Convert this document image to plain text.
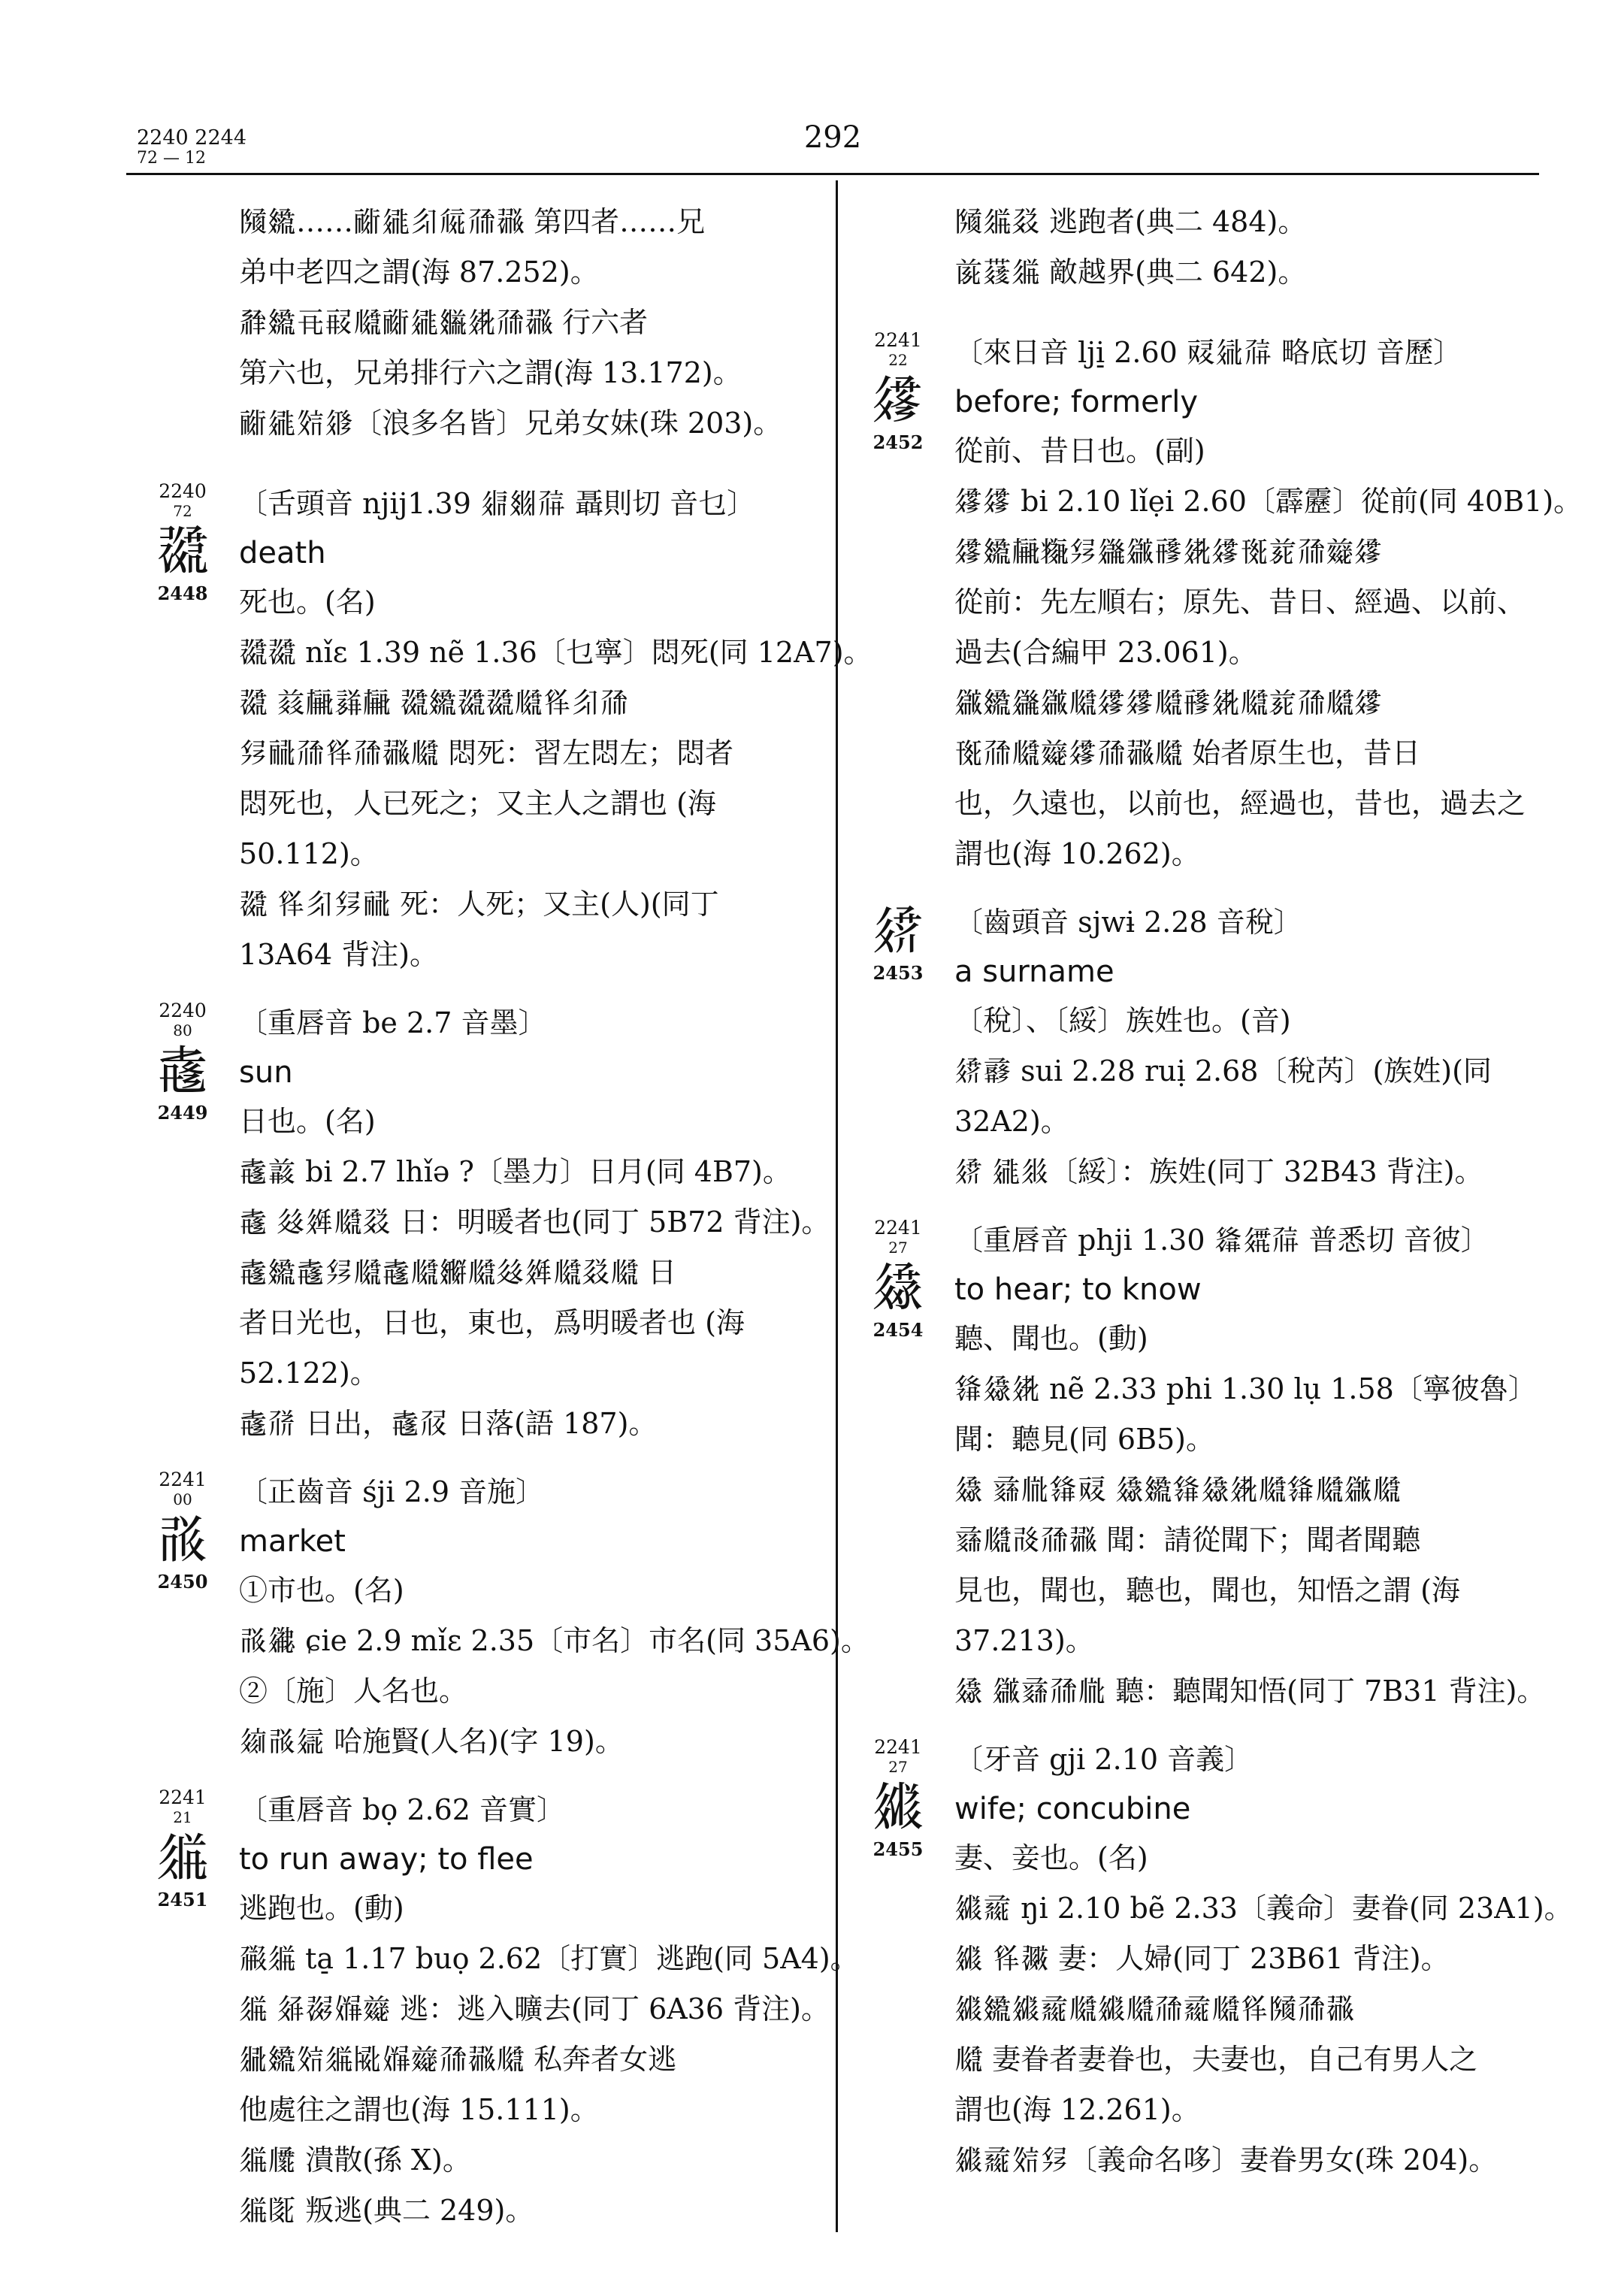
2240 2244
72 — 12
292
𗂧𗿷……𗠁𗧓𗼃𗏁𗗙𗖻 第四者……兄
弟中老四之謂(海 87.252)。
𗴂𗿷𗸕𗷹𗆮𗠁𗧓𗿳𗣈𗗙𗖻 行六者
第六也，兄弟排行六之謂(海 13.172)。
𗠁𗧓𗼻𗤁〔浪多名皆〕兄弟女妹(珠 203)。
2240
72
𗗆
2448
〔舌頭音 njij1.39 𗤋𗾞𗗚 聶則切 音乜〕
death
死也。(名)
𗗆𗗆 nǐɛ 1.39 nẽ 1.36〔乜寧〕悶死(同 12A7)。
𗗆 𗑠𗍳𗙼𗍳 𗗆𗿷𗗆𗗆𗆮𗃛𗼃𗗙
𗉻𗟻𗗙𗃛𗗙𗖻𗆮 悶死：習左悶左；悶者
悶死也，人已死之；又主人之謂也 (海
50.112)。
𗗆 𗃛𗼃𗉻𗟻 死：人死；又主(人)(同丁
13A64 背注)。
2240
80
𗗏
2449
〔重唇音 be 2.7 音墨〕
sun
日也。(名)
𗗏𗓁 bi 2.7 lhǐə ?〔墨力〕日月(同 4B7)。
𗗏 𗫴𗤶𗆮𗳦 日：明暖者也(同丁 5B72 背注)。
𗗏𗿷𗗏𗉻𗆮𗗏𗆮𗿸𗆮𗫴𗤶𗆮𗳦𗆮 日
者日光也，日也，東也，爲明暖者也 (海
52.122)。
𗗏𗗗 日出，𗗏𗗘 日落(語 187)。
2241
00
𗰛
2450
〔正齒音 śji 2.9 音施〕
market
①市也。(名)
𗰛𗫌 ɕie 2.9 mǐɛ 2.35〔市名〕市名(同 35A6)。
②〔施〕人名也。
𗦻𗰛𗦇 哈施賢(人名)(字 19)。
2241
21
𗼘
2451
〔重唇音 bọ 2.62 音實〕
to run away; to flee
逃跑也。(動)
𗗟𗼘 ta̠ 1.17 buọ 2.62〔打實〕逃跑(同 5A4)。
𗼘 𗣳𗖠𗏵𗔦 逃：逃入曠去(同丁 6A36 背注)。
𗼙𗿷𗼻𗼘𗎫𗏵𗔦𗗙𗖻𗆮 私奔者女逃
他處往之謂也(海 15.111)。
𗼘𗆿 潰散(孫 X)。
𗼘𗁷 叛逃(典二 249)。
𗂧𗼘𗳦 逃跑者(典二 484)。
𗐯𗝡𗼘 敵越界(典二 642)。
2241
22
𗧘
2452
〔來日音 lji̠ 2.60 𗠝𗣼𗗚 略底切 音歷〕
before; formerly
從前、昔日也。(副)
𗧘𗧘 bi 2.10 lǐẹi 2.60〔霹靂〕從前(同 40B1)。
𗧘𗿷𗍳𗯝𗉻𗫈𗫡𗟭𗣈𗧘𗍊𗐱𗗙𗔦𗧘
從前：先左順右；原先、昔日、經過、以前、
過去(合編甲 23.061)。
𗫡𗿷𗫈𗫡𗆮𗧘𗧘𗆮𗟭𗣈𗆮𗐱𗗙𗆮𗧘
𗍊𗗙𗆮𗔦𗧘𗗙𗖻𗆮 始者原生也，昔日
也，久遠也，以前也，經過也，昔也，過去之
謂也(海 10.262)。
𗧙
2453
〔齒頭音 sjwɨ 2.28 音稅〕
a surname
〔稅〕、〔綏〕族姓也。(音)
𗧙𗈊 sui 2.28 ruị 2.68〔稅芮〕(族姓)(同
32A2)。
𗧙 𗧓𗼈〔綏〕：族姓(同丁 32B43 背注)。
2241
27
𗧚
2454
〔重唇音 phji 1.30 𗌮𗦉𗗚 普悉切 音彼〕
to hear; to know
聽、聞也。(動)
𗌭𗧚𗣈 nẽ 2.33 phi 1.30 lụ 1.58〔寧彼魯〕
聞：聽見(同 6B5)。
𗧚 𗈃𗄻𗌭𗠝 𗧚𗿷𗌭𗧚𗣈𗆮𗌭𗆮𗫡𗆮
𗈃𗆮𗰗𗗙𗖻 聞：請從聞下；聞者聞聽
見也，聞也，聽也，聞也，知悟之謂 (海
37.213)。
𗧚 𗫡𗈃𗗙𗄻 聽：聽聞知悟(同丁 7B31 背注)。
2241
27
𗧛
2455
〔牙音 gji 2.10 音義〕
wife; concubine
妻、妾也。(名)
𗧛𗈇 ŋi 2.10 bẽ 2.33〔義命〕妻眷(同 23A1)。
𗧛 𗃛𗗂 妻：人婦(同丁 23B61 背注)。
𗧛𗿷𗧛𗈇𗆮𗧛𗆮𗗙𗈇𗆮𗃛𗂧𗗙𗖻
𗆮 妻眷者妻眷也，夫妻也，自己有男人之
謂也(海 12.261)。
𗧛𗈇𗼻𗉻〔義命名哆〕妻眷男女(珠 204)。
